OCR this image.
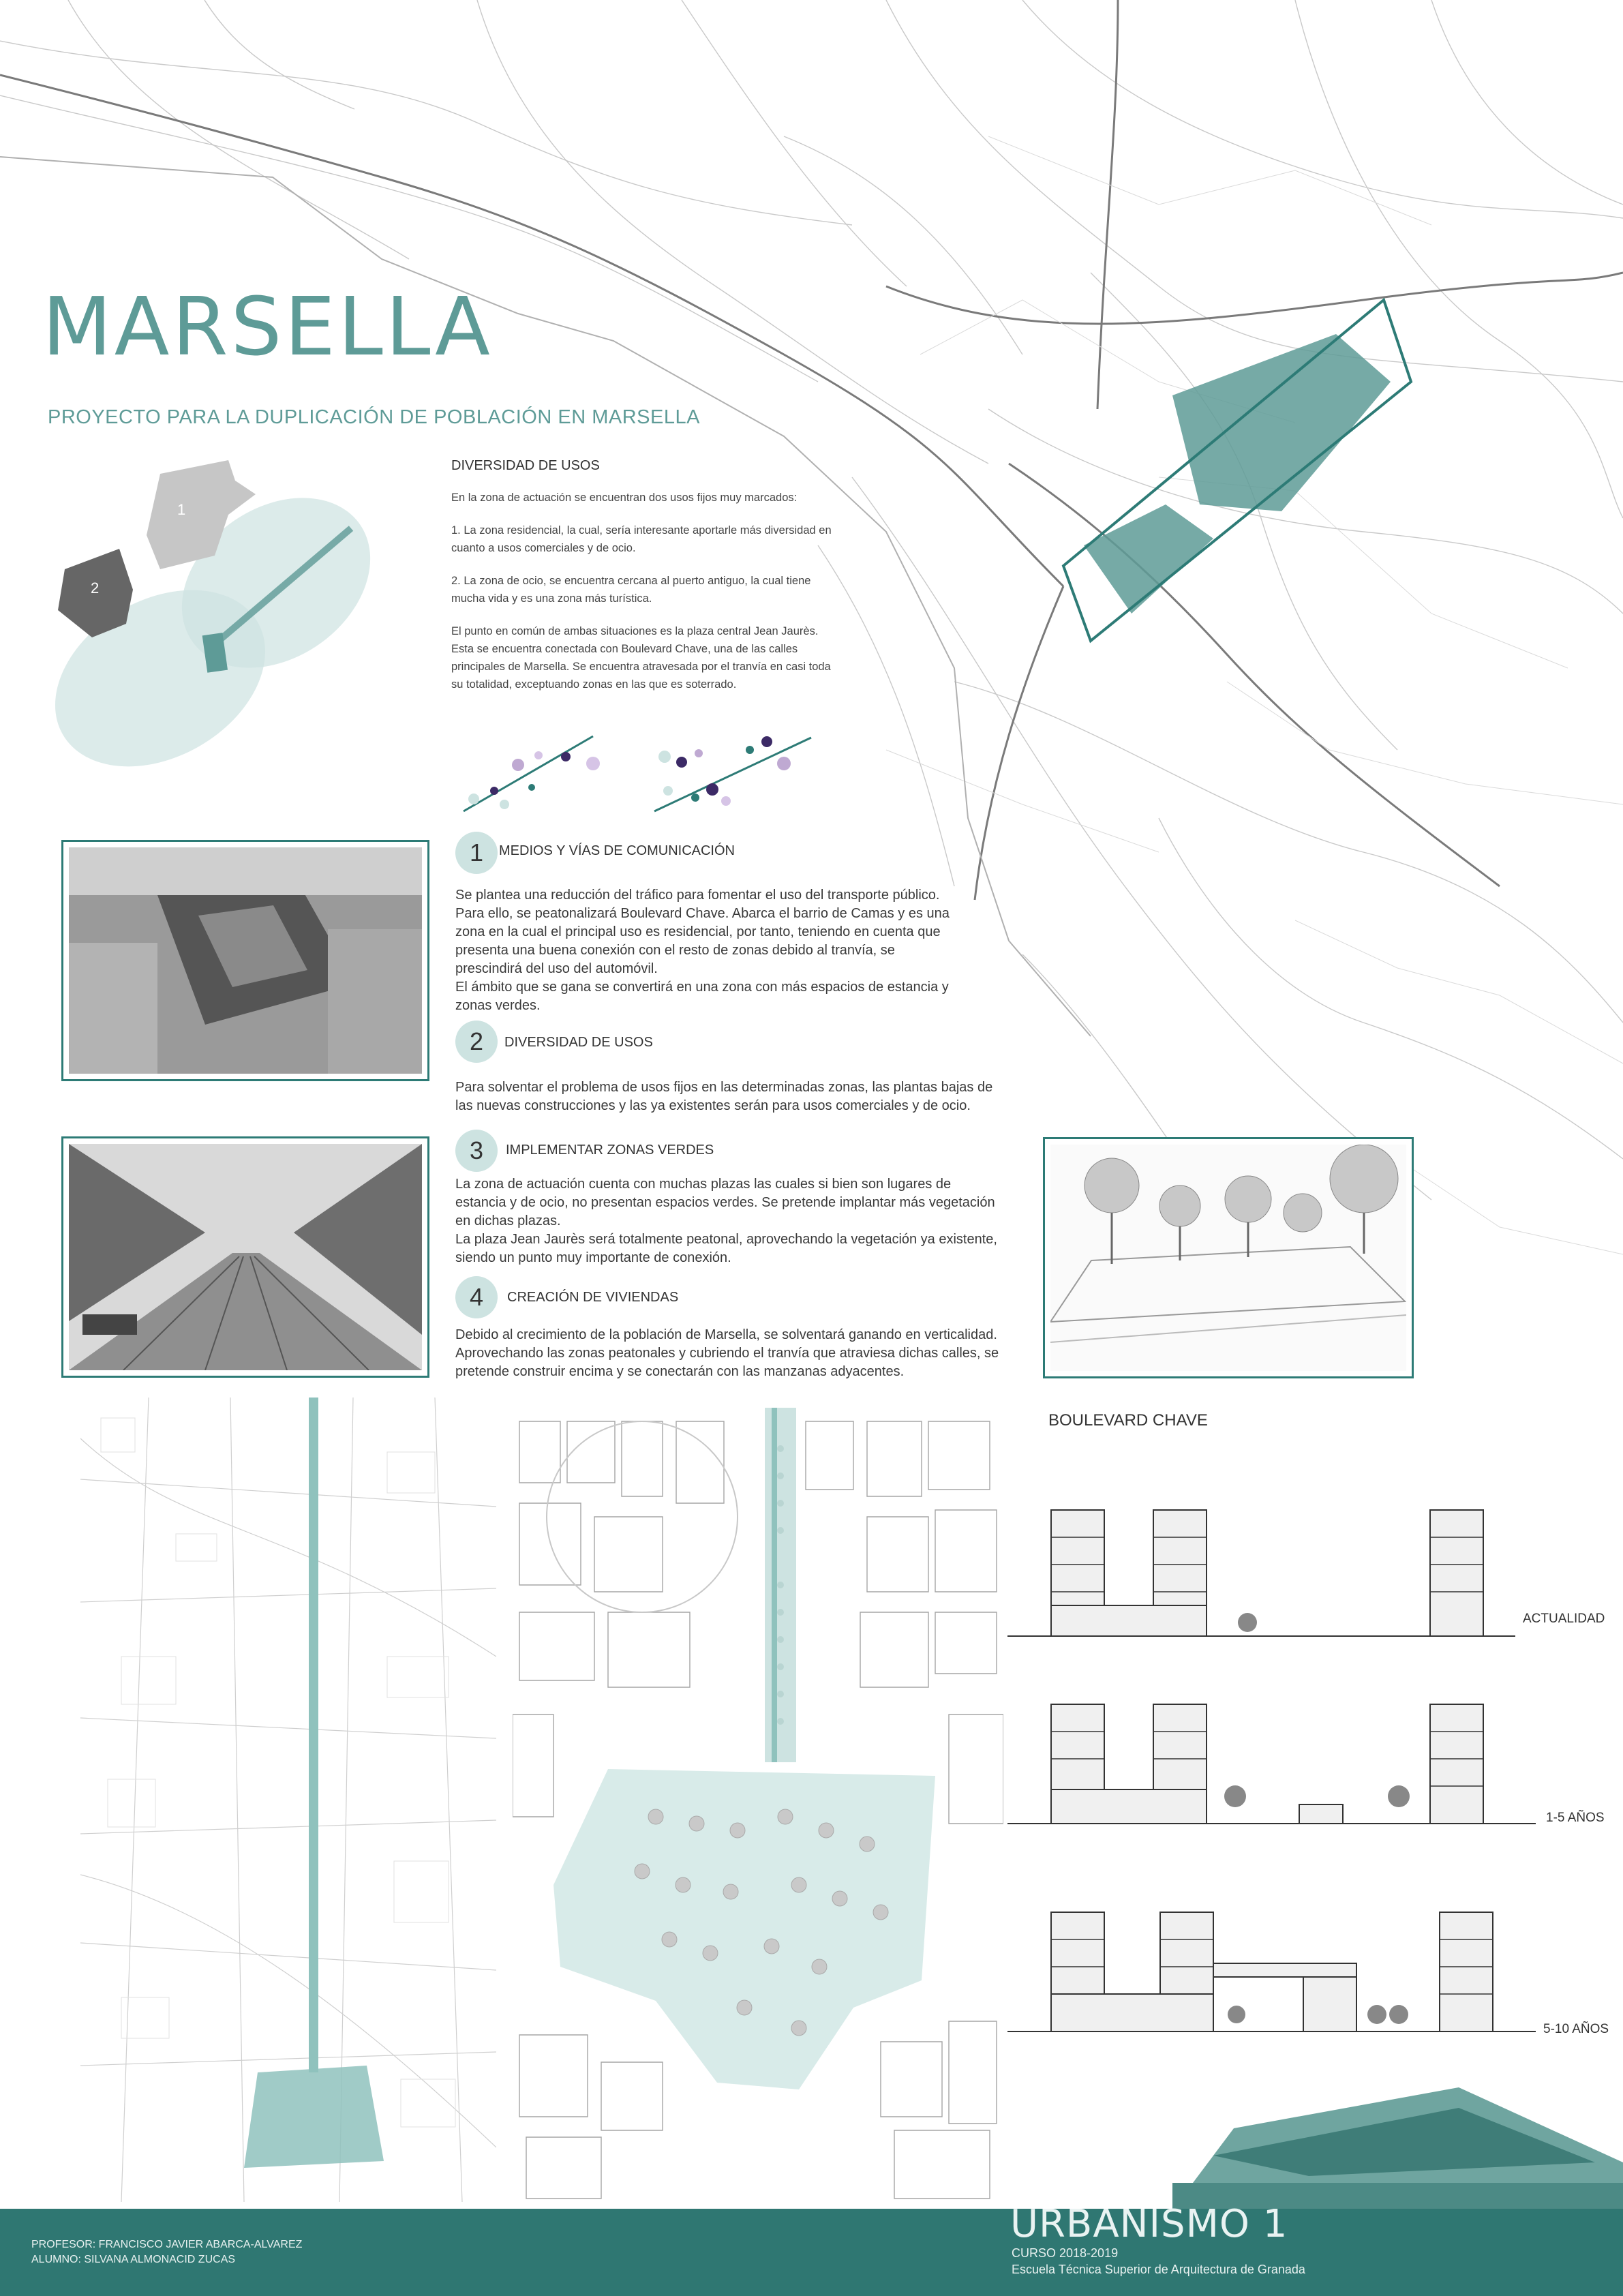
MARSELLA
PROYECTO PARA LA DUPLICACIÓN DE POBLACIÓN EN MARSELLA
1
2
DIVERSIDAD DE USOS
En la zona de actuación se encuentran dos usos fijos muy marcados:
1. La zona residencial, la cual, sería interesante aportarle más diversidad en cuanto a usos comerciales y de ocio.
2. La zona de ocio, se encuentra cercana al puerto antiguo, la cual tiene mucha vida y es una zona más turística.
El punto en común de ambas situaciones es la plaza central Jean Jaurès. Esta se encuentra conectada con Boulevard Chave, una de las calles principales de Marsella. Se encuentra atravesada por el tranvía en casi toda su totalidad, exceptuando zonas en las que es soterrado.
1	MEDIOS Y VÍAS DE COMUNICACIÓN
Se plantea una reducción del tráfico para fomentar el uso del transporte público.
Para ello, se peatonalizará Boulevard Chave. Abarca el barrio de Camas y es una
zona en la cual el principal uso es residencial, por tanto, teniendo en cuenta que
presenta una buena conexión con el resto de zonas debido al tranvía, se
prescindirá del uso del automóvil.
El ámbito que se gana se convertirá en una zona con más espacios de estancia y
zonas verdes.
2	DIVERSIDAD DE USOS
Para solventar el problema de usos fijos en las determinadas zonas, las plantas bajas de
las nuevas construcciones y las ya existentes serán para usos comerciales y de ocio.
3	IMPLEMENTAR ZONAS VERDES
La zona de actuación cuenta con muchas plazas las cuales si bien son lugares de
estancia y de ocio, no presentan espacios verdes. Se pretende implantar más vegetación
en dichas plazas.
La plaza Jean Jaurès será totalmente peatonal, aprovechando la vegetación ya existente,
siendo un punto muy importante de conexión.
4	CREACIÓN DE VIVIENDAS
Debido al crecimiento de la población de Marsella, se solventará ganando en verticalidad.
Aprovechando las zonas peatonales y cubriendo el tranvía que atraviesa dichas calles, se
pretende construir encima y se conectarán con las manzanas adyacentes.
BOULEVARD CHAVE
ACTUALIDAD
1-5 AÑOS
5-10 AÑOS
PROFESOR: FRANCISCO JAVIER ABARCA-ALVAREZ
ALUMNO: SILVANA ALMONACID ZUCAS
URBANISMO 1
CURSO 2018-2019
Escuela Técnica Superior de Arquitectura de Granada
